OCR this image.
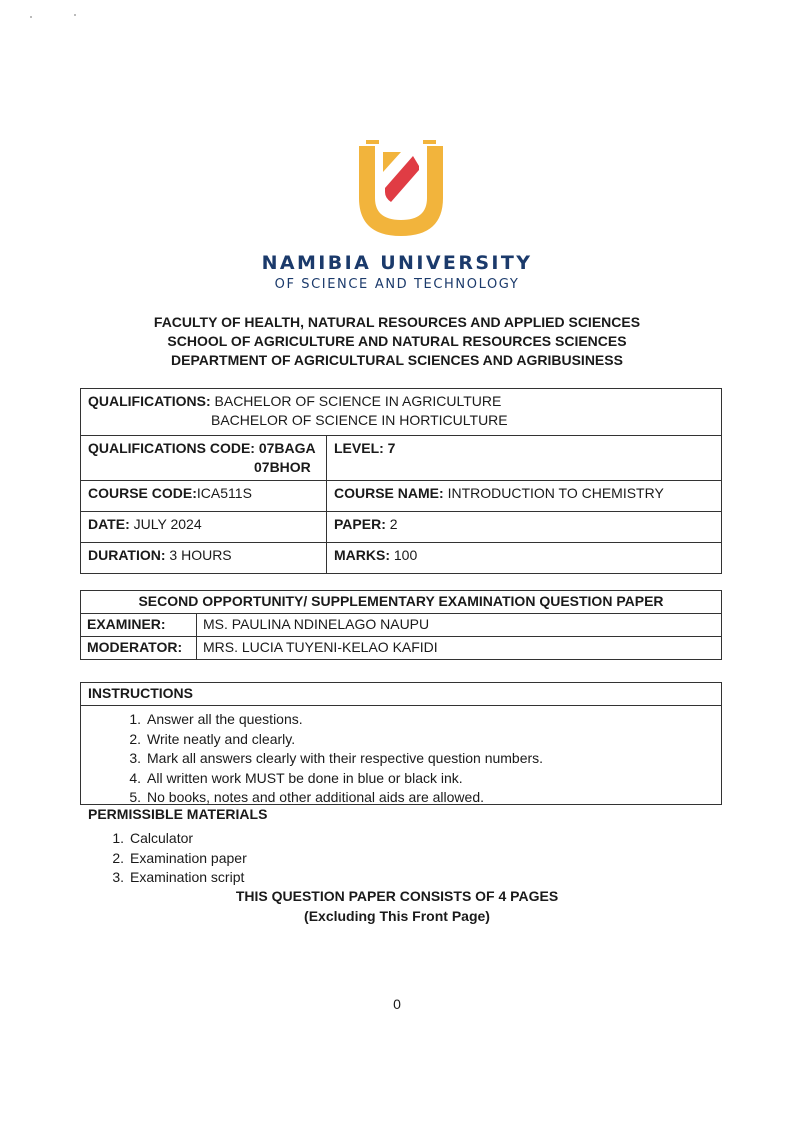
NAMIBIA UNIVERSITY
OF SCIENCE AND TECHNOLOGY
FACULTY OF HEALTH, NATURAL RESOURCES AND APPLIED SCIENCES
SCHOOL OF AGRICULTURE AND NATURAL RESOURCES SCIENCES
DEPARTMENT OF AGRICULTURAL SCIENCES AND AGRIBUSINESS
QUALIFICATIONS: BACHELOR OF SCIENCE IN AGRICULTURE
BACHELOR OF SCIENCE IN HORTICULTURE	
QUALIFICATIONS CODE: 07BAGA
07BHOR	LEVEL: 7
COURSE CODE:ICA511S	COURSE NAME: INTRODUCTION TO CHEMISTRY
DATE: JULY 2024	PAPER: 2
DURATION: 3 HOURS	MARKS: 100
SECOND OPPORTUNITY/ SUPPLEMENTARY EXAMINATION QUESTION PAPER	
EXAMINER:	MS. PAULINA NDINELAGO NAUPU
MODERATOR:	MRS. LUCIA TUYENI-KELAO KAFIDI
INSTRUCTIONS
1. Answer all the questions.
2. Write neatly and clearly.
3. Mark all answers clearly with their respective question numbers.
4. All written work MUST be done in blue or black ink.
5. No books, notes and other additional aids are allowed.
PERMISSIBLE MATERIALS
1. Calculator
2. Examination paper
3. Examination script
THIS QUESTION PAPER CONSISTS OF 4 PAGES
(Excluding This Front Page)
0
